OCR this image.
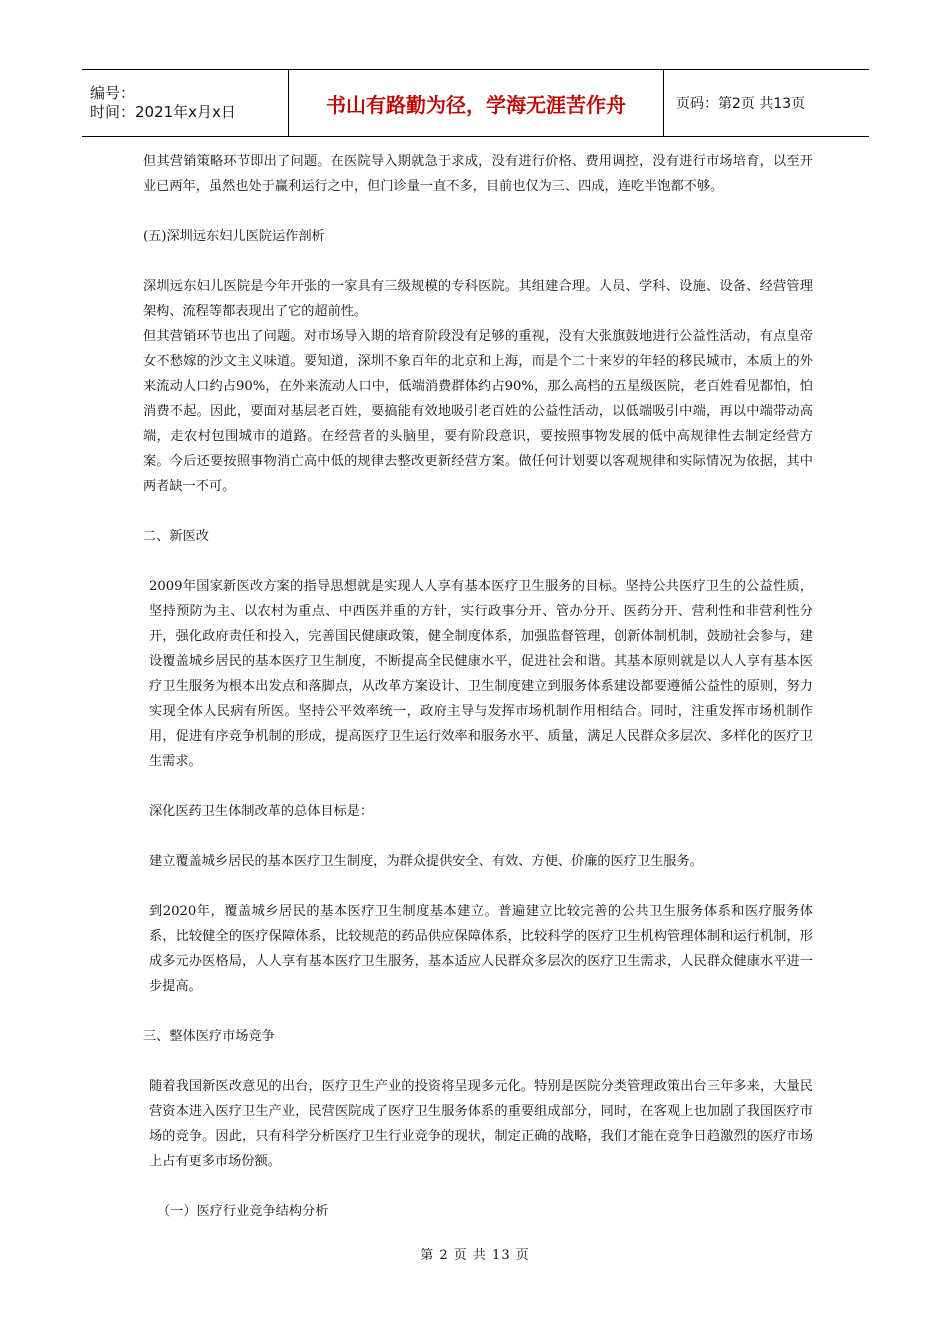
编号：
时间：2021年x月x日	书山有路勤为径，学海无涯苦作舟	页码：第2页 共13页

但其营销策略环节即出了问题。在医院导入期就急于求成，没有进行价格、费用调控，没有进行市场培育，以至开业已两年，虽然也处于赢利运行之中，但门诊量一直不多，目前也仅为三、四成，连吃半饱都不够。

(五)深圳远东妇儿医院运作剖析

深圳远东妇儿医院是今年开张的一家具有三级规模的专科医院。其组建合理。人员、学科、设施、设备、经营管理架构、流程等都表现出了它的超前性。

但其营销环节也出了问题。对市场导入期的培育阶段没有足够的重视，没有大张旗鼓地进行公益性活动，有点皇帝女不愁嫁的沙文主义味道。要知道，深圳不象百年的北京和上海，而是个二十来岁的年轻的移民城市，本质上的外来流动人口约占90%，在外来流动人口中，低端消费群体约占90%，那么高档的五星级医院，老百姓看见都怕，怕消费不起。因此，要面对基层老百姓，要搞能有效地吸引老百姓的公益性活动，以低端吸引中端，再以中端带动高端，走农村包围城市的道路。在经营者的头脑里，要有阶段意识，要按照事物发展的低中高规律性去制定经营方案。今后还要按照事物消亡高中低的规律去整改更新经营方案。做任何计划要以客观规律和实际情况为依据，其中两者缺一不可。

二、新医改

2009年国家新医改方案的指导思想就是实现人人享有基本医疗卫生服务的目标。坚持公共医疗卫生的公益性质，坚持预防为主、以农村为重点、中西医并重的方针，实行政事分开、管办分开、医药分开、营利性和非营利性分开，强化政府责任和投入，完善国民健康政策，健全制度体系，加强监督管理，创新体制机制，鼓励社会参与，建设覆盖城乡居民的基本医疗卫生制度，不断提高全民健康水平，促进社会和谐。其基本原则就是以人人享有基本医疗卫生服务为根本出发点和落脚点，从改革方案设计、卫生制度建立到服务体系建设都要遵循公益性的原则，努力实现全体人民病有所医。坚持公平效率统一，政府主导与发挥市场机制作用相结合。同时，注重发挥市场机制作用，促进有序竞争机制的形成，提高医疗卫生运行效率和服务水平、质量，满足人民群众多层次、多样化的医疗卫生需求。

深化医药卫生体制改革的总体目标是：

建立覆盖城乡居民的基本医疗卫生制度，为群众提供安全、有效、方便、价廉的医疗卫生服务。

到2020年，覆盖城乡居民的基本医疗卫生制度基本建立。普遍建立比较完善的公共卫生服务体系和医疗服务体系，比较健全的医疗保障体系，比较规范的药品供应保障体系，比较科学的医疗卫生机构管理体制和运行机制，形成多元办医格局，人人享有基本医疗卫生服务，基本适应人民群众多层次的医疗卫生需求，人民群众健康水平进一步提高。

三、整体医疗市场竞争

随着我国新医改意见的出台，医疗卫生产业的投资将呈现多元化。特别是医院分类管理政策出台三年多来，大量民营资本进入医疗卫生产业，民营医院成了医疗卫生服务体系的重要组成部分，同时，在客观上也加剧了我国医疗市场的竞争。因此，只有科学分析医疗卫生行业竞争的现状，制定正确的战略，我们才能在竞争日趋激烈的医疗市场上占有更多市场份额。

（一）医疗行业竞争结构分析

第 2 页 共 13 页
